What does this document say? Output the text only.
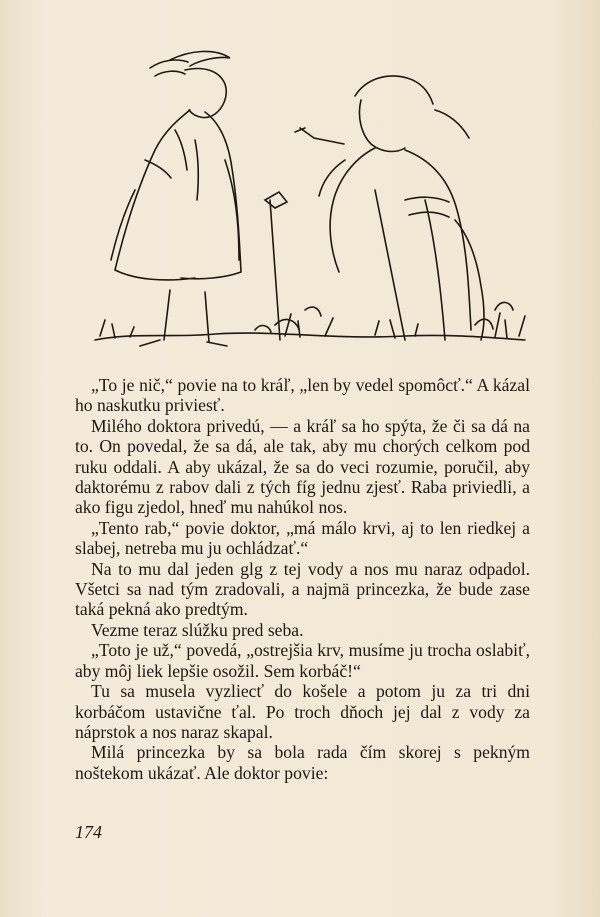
„To je nič,“ povie na to kráľ, „len by vedel spomôcť.“ A kázal ho naskutku priviesť.

Milého doktora privedú, — a kráľ sa ho spýta, že či sa dá na to. On povedal, že sa dá, ale tak, aby mu chorých celkom pod ruku oddali. A aby ukázal, že sa do veci rozumie, poručil, aby daktorému z rabov dali z tých fíg jednu zjesť. Raba priviedli, a ako figu zjedol, hneď mu nahúkol nos.

„Tento rab,“ povie doktor, „má málo krvi, aj to len riedkej a slabej, netreba mu ju ochládzať.“

Na to mu dal jeden glg z tej vody a nos mu naraz odpadol. Všetci sa nad tým zradovali, a najmä princezka, že bude zase taká pekná ako predtým.

Vezme teraz slúžku pred seba.

„Toto je už,“ povedá, „ostrejšia krv, musíme ju trocha oslabiť, aby môj liek lepšie osožil. Sem korbáč!“

Tu sa musela vyzliecť do košele a potom ju za tri dni korbáčom ustavične ťal. Po troch dňoch jej dal z vody za náprstok a nos naraz skapal.

Milá princezka by sa bola rada čím skorej s pekným noštekom ukázať. Ale doktor povie:

174
